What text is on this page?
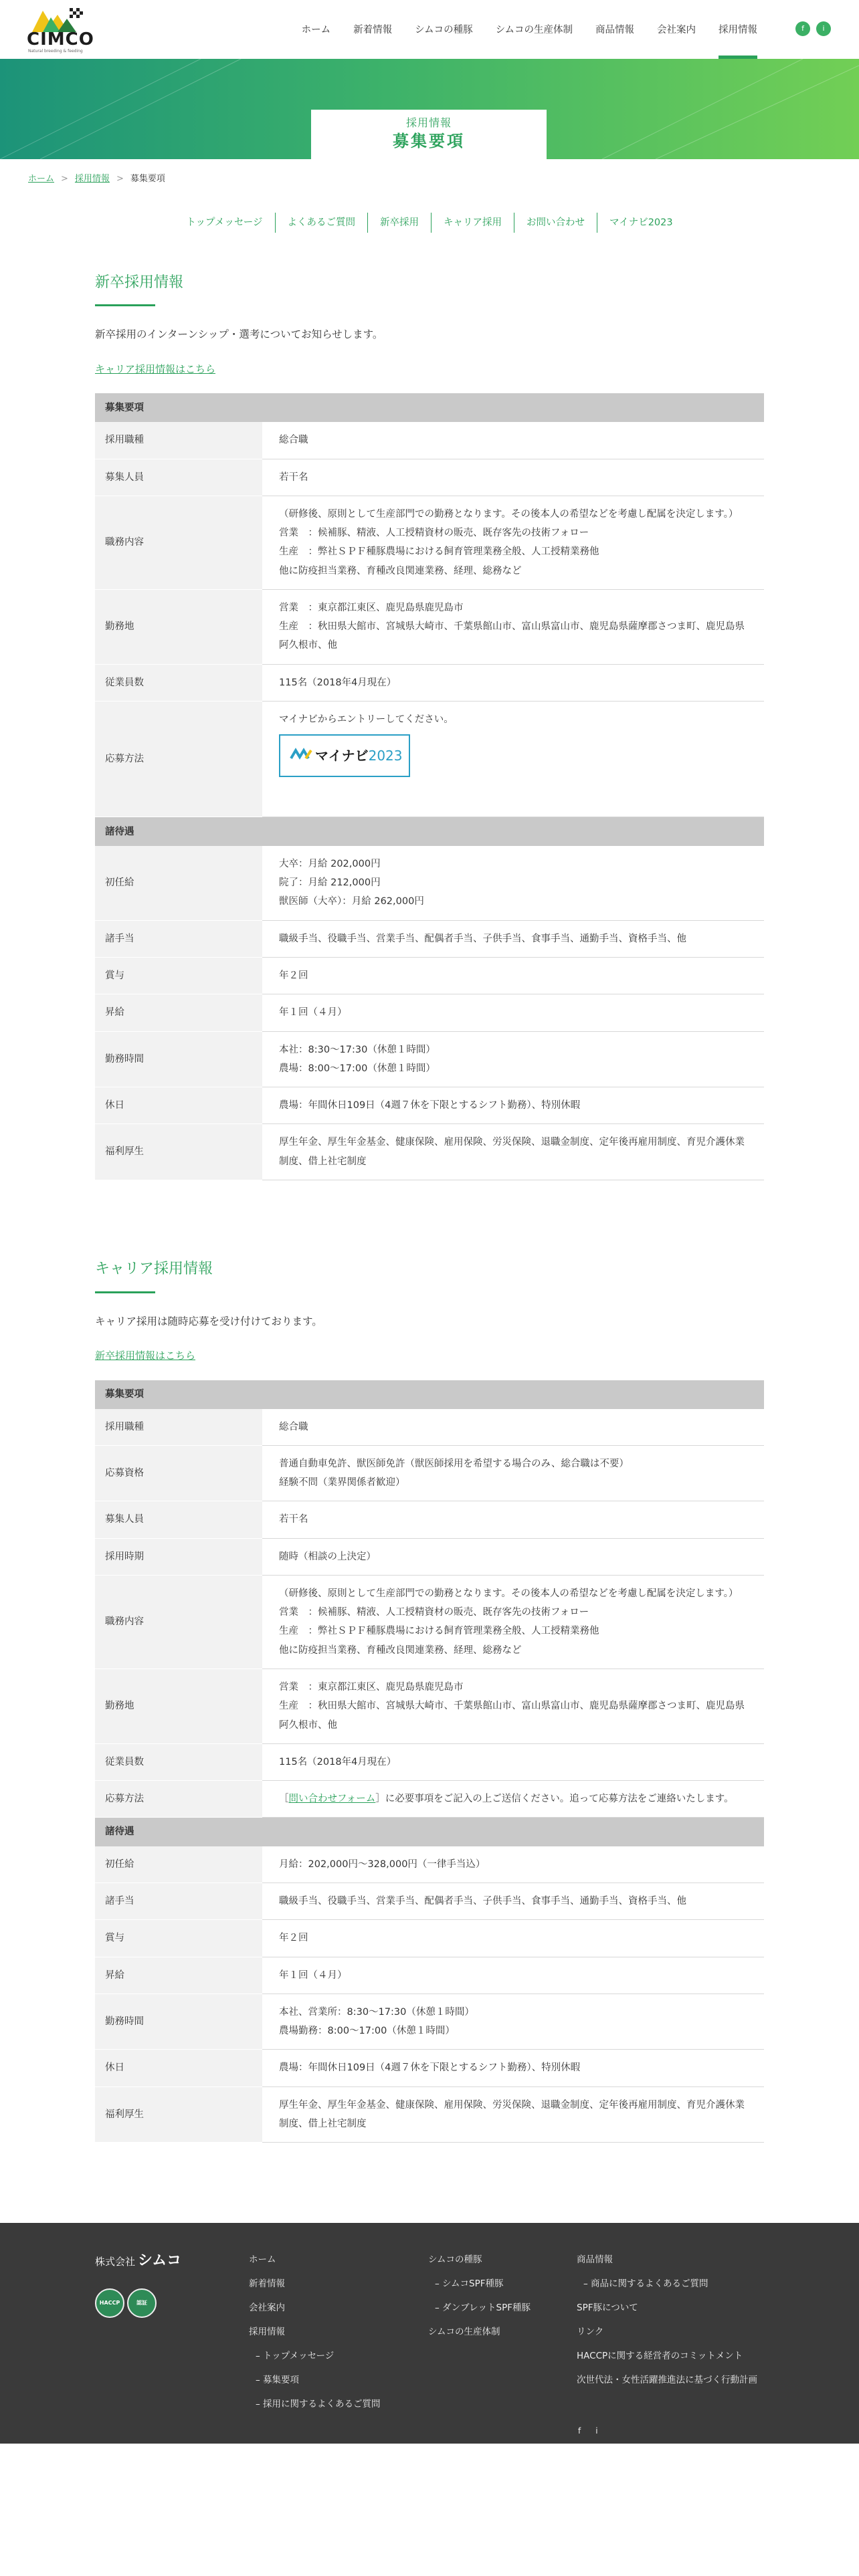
CIMCO
Natural breeding & feeding
ホーム	新着情報	シムコの種豚	シムコの生産体制	商品情報	会社案内	採用情報	f	i
採用情報
募集要項
ホーム > 採用情報 > 募集要項
トップメッセージ	よくあるご質問	新卒採用	キャリア採用	お問い合わせ	マイナビ2023
新卒採用情報

新卒採用のインターンシップ・選考についてお知らせします。

キャリア採用情報はこちら
募集要項	
採用職種	総合職

募集人員	若干名

職務内容	（研修後、原則として生産部門での勤務となります。その後本人の希望などを考慮し配属を決定します。）
営業　：候補豚、精液、人工授精資材の販売、既存客先の技術フォロー
生産　：弊社ＳＰＦ種豚農場における飼育管理業務全般、人工授精業務他
他に防疫担当業務、育種改良関連業務、経理、総務など

勤務地	営業　：東京都江東区、鹿児島県鹿児島市
生産　：秋田県大館市、宮城県大崎市、千葉県館山市、富山県富山市、鹿児島県薩摩郡さつま町、鹿児島県阿久根市、他

従業員数	115名（2018年4月現在）

応募方法	マイナビからエントリーしてください。
マイナビ2023

諸待遇	
初任給	大卒：月給 202,000円
院了：月給 212,000円
獣医師（大卒）：月給 262,000円

諸手当	職級手当、役職手当、営業手当、配偶者手当、子供手当、食事手当、通勤手当、資格手当、他

賞与	年２回

昇給	年１回（４月）

勤務時間	本社：8:30〜17:30（休憩１時間）
農場：8:00〜17:00（休憩１時間）

休日	農場：年間休日109日（4週７休を下限とするシフト勤務）、特別休暇

福利厚生	厚生年金、厚生年金基金、健康保険、雇用保険、労災保険、退職金制度、定年後再雇用制度、育児介護休業制度、借上社宅制度
キャリア採用情報

キャリア採用は随時応募を受け付けております。

新卒採用情報はこちら
募集要項	
採用職種	総合職

応募資格	普通自動車免許、獣医師免許（獣医師採用を希望する場合のみ、総合職は不要）
経験不問（業界関係者歓迎）

募集人員	若干名

採用時期	随時（相談の上決定）

職務内容	（研修後、原則として生産部門での勤務となります。その後本人の希望などを考慮し配属を決定します。）
営業　：候補豚、精液、人工授精資材の販売、既存客先の技術フォロー
生産　：弊社ＳＰＦ種豚農場における飼育管理業務全般、人工授精業務他
他に防疫担当業務、育種改良関連業務、経理、総務など

勤務地	営業　：東京都江東区、鹿児島県鹿児島市
生産　：秋田県大館市、宮城県大崎市、千葉県館山市、富山県富山市、鹿児島県薩摩郡さつま町、鹿児島県阿久根市、他

従業員数	115名（2018年4月現在）

応募方法	［問い合わせフォーム］に必要事項をご記入の上ご送信ください。追って応募方法をご連絡いたします。

諸待遇	
初任給	月給：202,000円〜328,000円（一律手当込）

諸手当	職級手当、役職手当、営業手当、配偶者手当、子供手当、食事手当、通勤手当、資格手当、他

賞与	年２回

昇給	年１回（４月）

勤務時間	本社、営業所：8:30〜17:30（休憩１時間）
農場勤務：8:00〜17:00（休憩１時間）

休日	農場：年間休日109日（4週７休を下限とするシフト勤務）、特別休暇

福利厚生	厚生年金、厚生年金基金、健康保険、雇用保険、労災保険、退職金制度、定年後再雇用制度、育児介護休業制度、借上社宅制度
株式会社 シムコ
HACCP	認証
ホーム
新着情報
会社案内
採用情報
– トップメッセージ
– 募集要項
– 採用に関するよくあるご質問
シムコの種豚
– シムコSPF種豚
– ダンブレットSPF種豚
シムコの生産体制
商品情報
– 商品に関するよくあるご質問
SPF豚について
リンク
HACCPに関する経営者のコミットメント
次世代法・女性活躍推進法に基づく行動計画
f i
